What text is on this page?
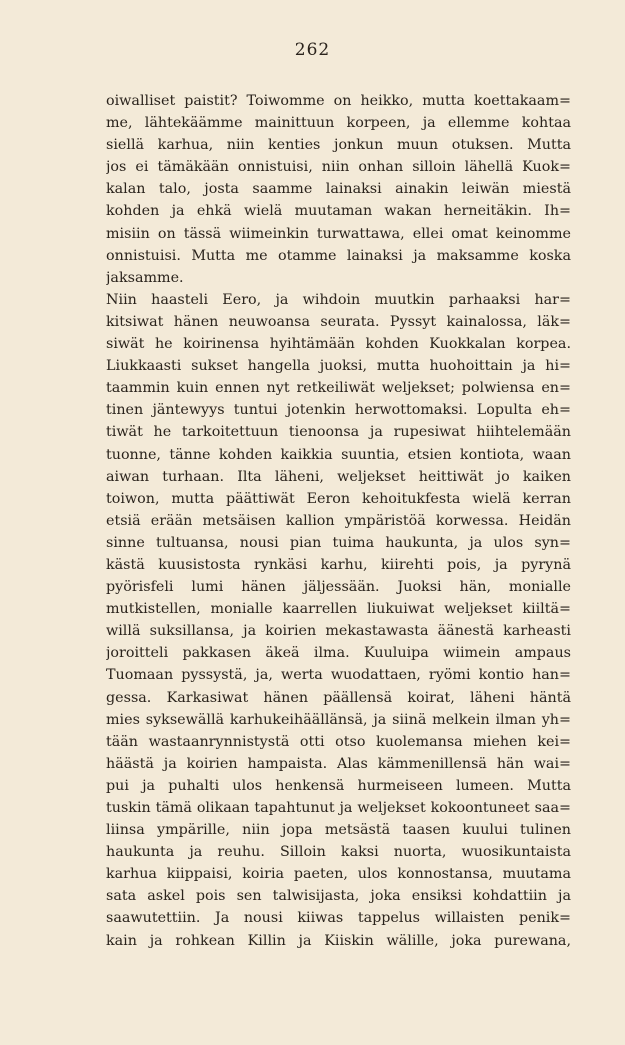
262
oiwalliset paistit? Toiwomme on heikko, mutta koettakaam=
me, lähtekäämme mainittuun korpeen, ja ellemme kohtaa
siellä karhua, niin kenties jonkun muun otuksen. Mutta
jos ei tämäkään onnistuisi, niin onhan silloin lähellä Kuok=
kalan talo, josta saamme lainaksi ainakin leiwän miestä
kohden ja ehkä wielä muutaman wakan herneitäkin. Ih=
misiin on tässä wiimeinkin turwattawa, ellei omat keinomme
onnistuisi. Mutta me otamme lainaksi ja maksamme koska
jaksamme.
Niin haasteli Eero, ja wihdoin muutkin parhaaksi har=
kitsiwat hänen neuwoansa seurata. Pyssyt kainalossa, läk=
siwät he koirinensa hyihtämään kohden Kuokkalan korpea.
Liukkaasti sukset hangella juoksi, mutta huohoittain ja hi=
taammin kuin ennen nyt retkeiliwät weljekset; polwiensa en=
tinen jäntewyys tuntui jotenkin herwottomaksi. Lopulta eh=
tiwät he tarkoitettuun tienoonsa ja rupesiwat hiihtelemään
tuonne, tänne kohden kaikkia suuntia, etsien kontiota, waan
aiwan turhaan. Ilta läheni, weljekset heittiwät jo kaiken
toiwon, mutta päättiwät Eeron kehoitukfesta wielä kerran
etsiä erään metsäisen kallion ympäristöä korwessa. Heidän
sinne tultuansa, nousi pian tuima haukunta, ja ulos syn=
kästä kuusistosta rynkäsi karhu, kiirehti pois, ja pyrynä
pyörisfeli lumi hänen jäljessään. Juoksi hän, monialle
mutkistellen, monialle kaarrellen liukuiwat weljekset kiiltä=
willä suksillansa, ja koirien mekastawasta äänestä karheasti
joroitteli pakkasen äkeä ilma. Kuuluipa wiimein ampaus
Tuomaan pyssystä, ja, werta wuodattaen, ryömi kontio han=
gessa. Karkasiwat hänen päällensä koirat, läheni häntä
mies syksewällä karhukeihäällänsä, ja siinä melkein ilman yh=
tään wastaanrynnistystä otti otso kuolemansa miehen kei=
häästä ja koirien hampaista. Alas kämmenillensä hän wai=
pui ja puhalti ulos henkensä hurmeiseen lumeen. Mutta
tuskin tämä olikaan tapahtunut ja weljekset kokoontuneet saa=
liinsa ympärille, niin jopa metsästä taasen kuului tulinen
haukunta ja reuhu. Silloin kaksi nuorta, wuosikuntaista
karhua kiippaisi, koiria paeten, ulos konnostansa, muutama
sata askel pois sen talwisijasta, joka ensiksi kohdattiin ja
saawutettiin. Ja nousi kiiwas tappelus willaisten penik=
kain ja rohkean Killin ja Kiiskin wälille, joka purewana,
